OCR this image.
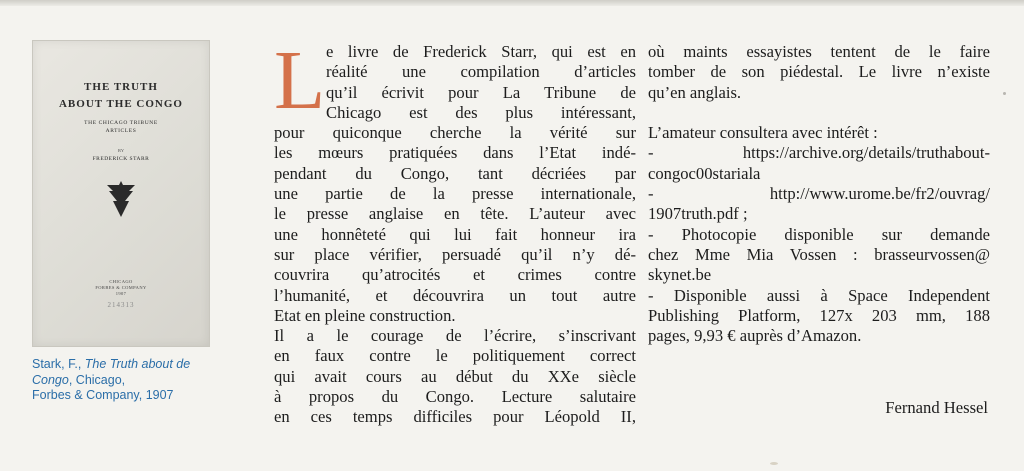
THE TRUTH
ABOUT THE CONGO
THE CHICAGO TRIBUNE
ARTICLES
BY
FREDERICK STARR
CHICAGO
FORBES & COMPANY
1907
214313
Stark, F., The Truth about de Congo, Chicago,
Forbes & Company, 1907
L e livre de Frederick Starr, qui est en
réalité une compilation d’articles
qu’il écrivit pour La Tribune de
Chicago est des plus intéressant,
pour quiconque cherche la vérité sur
les mœurs pratiquées dans l’Etat indé-
pendant du Congo, tant décriées par
une partie de la presse internationale,
le presse anglaise en tête. L’auteur avec
une honnêteté qui lui fait honneur ira
sur place vérifier, persuadé qu’il n’y dé-
couvrira qu’atrocités et crimes contre
l’humanité, et découvrira un tout autre
Etat en pleine construction.
Il a le courage de l’écrire, s’inscrivant
en faux contre le politiquement correct
qui avait cours au début du XXe siècle
à propos du Congo. Lecture salutaire
en ces temps difficiles pour Léopold II,
où maints essayistes tentent de le faire
tomber de son piédestal. Le livre n’existe
qu’en anglais.
L’amateur consultera avec intérêt :
- https://archive.org/details/truthabout-
congoc00stariala
- http://www.urome.be/fr2/ouvrag/
1907truth.pdf ;
- Photocopie disponible sur demande
chez Mme Mia Vossen : brasseurvossen@
skynet.be
- Disponible aussi à Space Independent
Publishing Platform, 127x 203 mm, 188
pages, 9,93 € auprès d’Amazon.
Fernand Hessel
